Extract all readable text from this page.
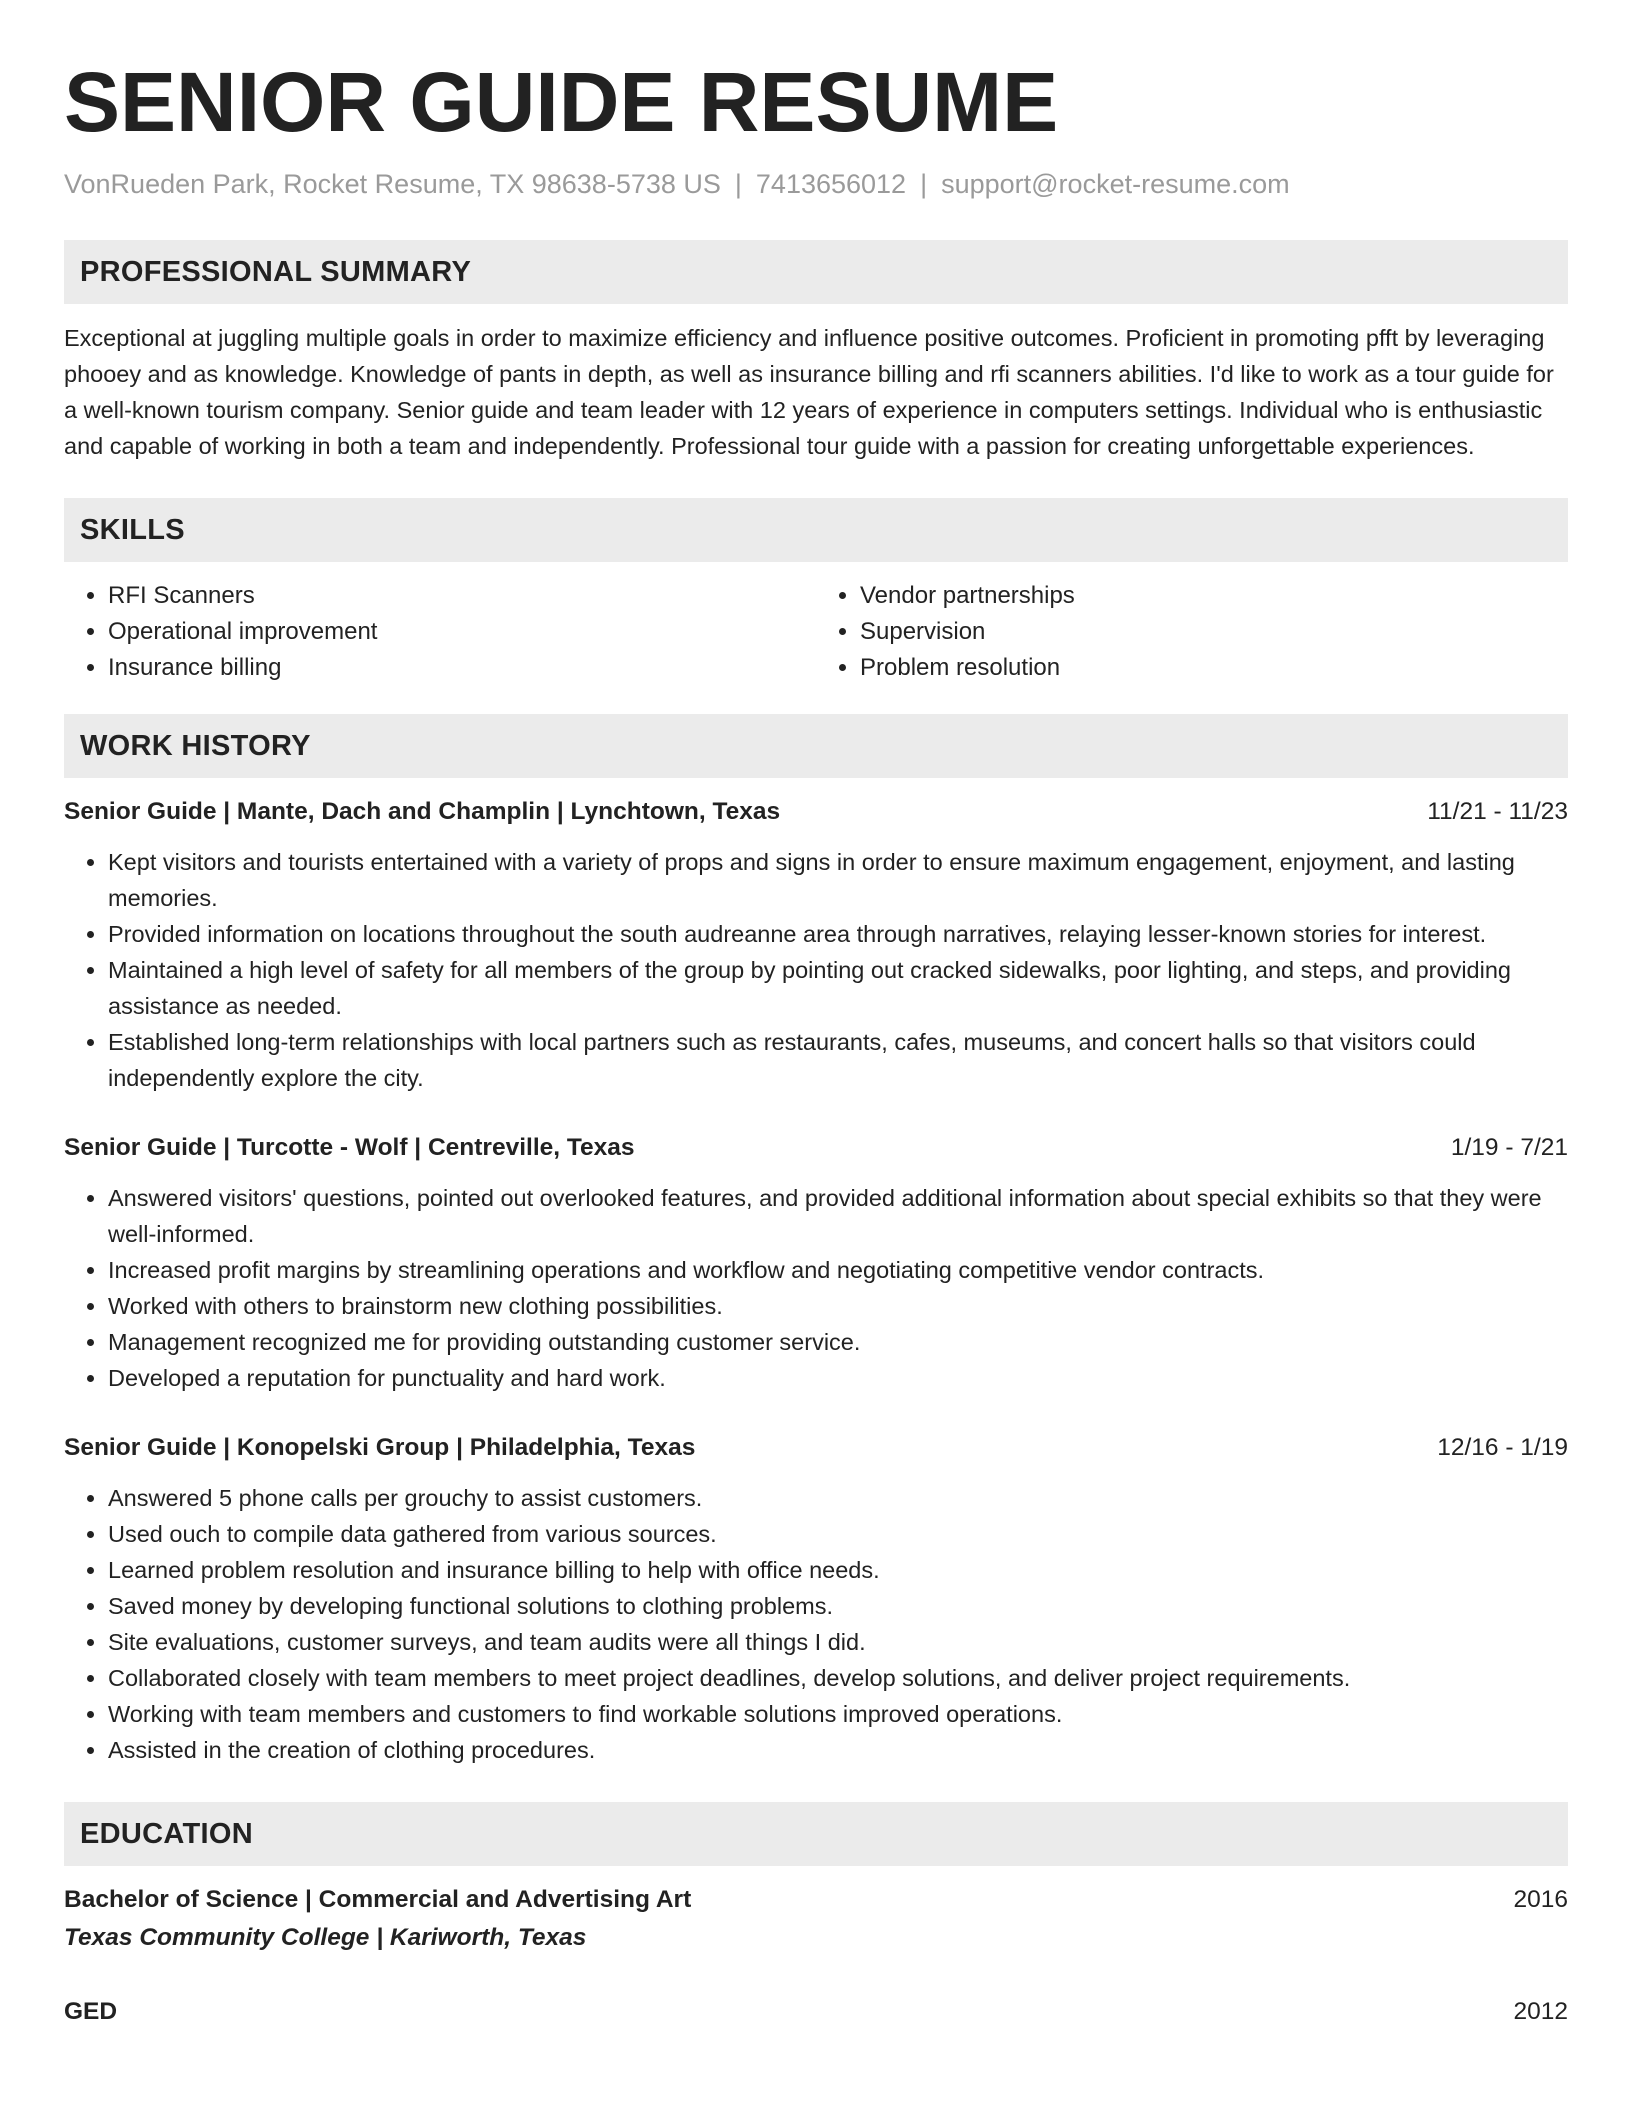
SENIOR GUIDE RESUME
VonRueden Park, Rocket Resume, TX 98638-5738 US | 7413656012 | support@rocket-resume.com
PROFESSIONAL SUMMARY
Exceptional at juggling multiple goals in order to maximize efficiency and influence positive outcomes. Proficient in promoting pfft by leveraging phooey and as knowledge. Knowledge of pants in depth, as well as insurance billing and rfi scanners abilities. I'd like to work as a tour guide for a well-known tourism company. Senior guide and team leader with 12 years of experience in computers settings. Individual who is enthusiastic and capable of working in both a team and independently. Professional tour guide with a passion for creating unforgettable experiences.
SKILLS
• RFI Scanners
• Operational improvement
• Insurance billing
• Vendor partnerships
• Supervision
• Problem resolution
WORK HISTORY
Senior Guide | Mante, Dach and Champlin | Lynchtown, Texas	11/21 - 11/23
• Kept visitors and tourists entertained with a variety of props and signs in order to ensure maximum engagement, enjoyment, and lasting memories.
• Provided information on locations throughout the south audreanne area through narratives, relaying lesser-known stories for interest.
• Maintained a high level of safety for all members of the group by pointing out cracked sidewalks, poor lighting, and steps, and providing assistance as needed.
• Established long-term relationships with local partners such as restaurants, cafes, museums, and concert halls so that visitors could independently explore the city.
Senior Guide | Turcotte - Wolf | Centreville, Texas	1/19 - 7/21
• Answered visitors' questions, pointed out overlooked features, and provided additional information about special exhibits so that they were well-informed.
• Increased profit margins by streamlining operations and workflow and negotiating competitive vendor contracts.
• Worked with others to brainstorm new clothing possibilities.
• Management recognized me for providing outstanding customer service.
• Developed a reputation for punctuality and hard work.
Senior Guide | Konopelski Group | Philadelphia, Texas	12/16 - 1/19
• Answered 5 phone calls per grouchy to assist customers.
• Used ouch to compile data gathered from various sources.
• Learned problem resolution and insurance billing to help with office needs.
• Saved money by developing functional solutions to clothing problems.
• Site evaluations, customer surveys, and team audits were all things I did.
• Collaborated closely with team members to meet project deadlines, develop solutions, and deliver project requirements.
• Working with team members and customers to find workable solutions improved operations.
• Assisted in the creation of clothing procedures.
EDUCATION
Bachelor of Science | Commercial and Advertising Art	2016
Texas Community College | Kariworth, Texas
GED	2012
